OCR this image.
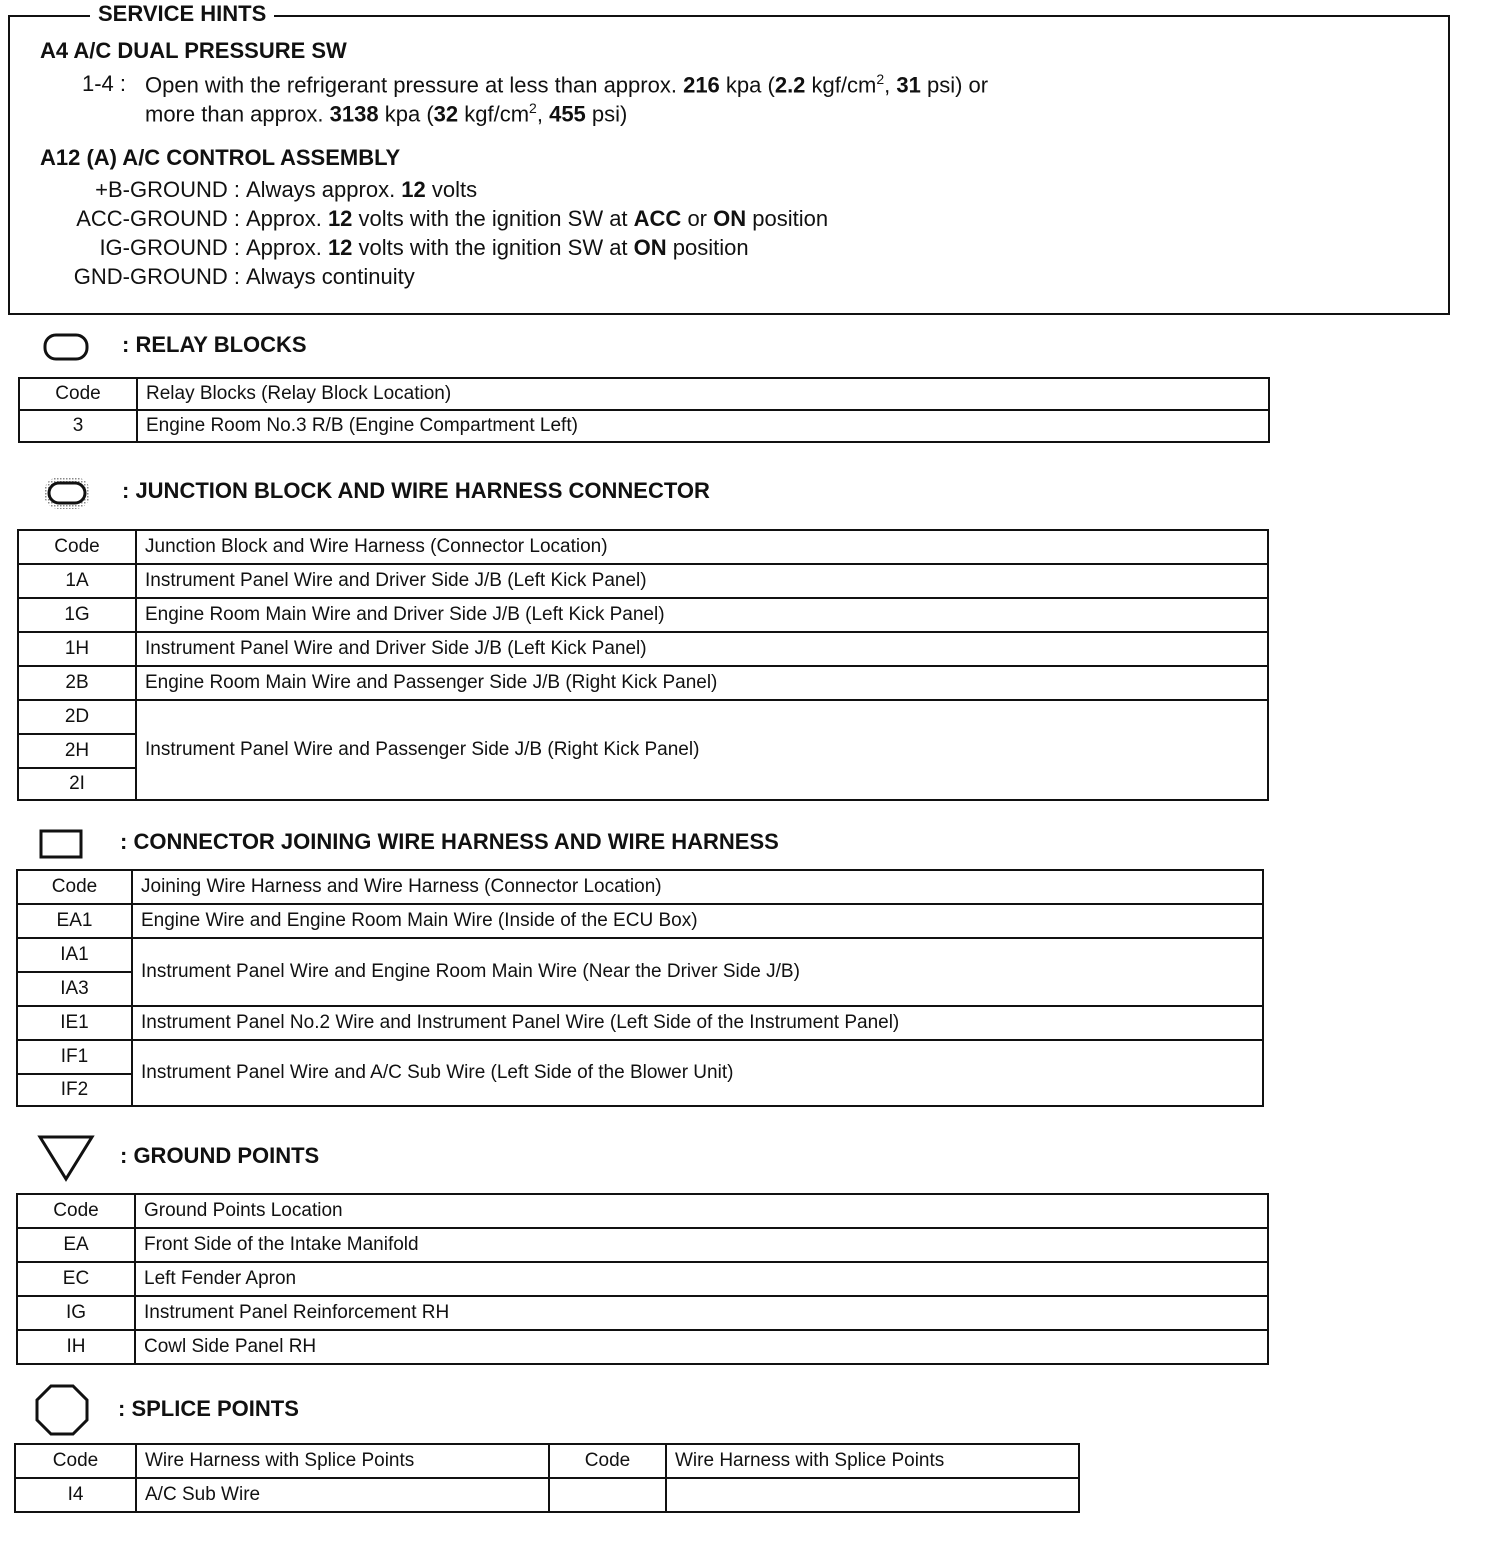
SERVICE HINTS
A4 A/C DUAL PRESSURE SW
1-4 : Open with the refrigerant pressure at less than approx. 216 kpa (2.2 kgf/$cm^2$, 31 psi) or
more than approx. 3138 kpa (32 kgf/$cm^2$, 455 psi)
A12 (A) A/C CONTROL ASSEMBLY
+B-GROUND : Always approx. 12 volts
ACC-GROUND : Approx. 12 volts with the ignition SW at ACC or ON position
IG-GROUND : Approx. 12 volts with the ignition SW at ON position
GND-GROUND : Always continuity
: RELAY BLOCKS
Code	Relay Blocks (Relay Block Location)
3	Engine Room No.3 R/B (Engine Compartment Left)
: JUNCTION BLOCK AND WIRE HARNESS CONNECTOR
Code	Junction Block and Wire Harness (Connector Location)
1A	Instrument Panel Wire and Driver Side J/B (Left Kick Panel)
1G	Engine Room Main Wire and Driver Side J/B (Left Kick Panel)
1H	Instrument Panel Wire and Driver Side J/B (Left Kick Panel)
2B	Engine Room Main Wire and Passenger Side J/B (Right Kick Panel)
2D	Instrument Panel Wire and Passenger Side J/B (Right Kick Panel)
2H	
2I	
: CONNECTOR JOINING WIRE HARNESS AND WIRE HARNESS
Code	Joining Wire Harness and Wire Harness (Connector Location)
EA1	Engine Wire and Engine Room Main Wire (Inside of the ECU Box)
IA1	Instrument Panel Wire and Engine Room Main Wire (Near the Driver Side J/B)
IA3	
IE1	Instrument Panel No.2 Wire and Instrument Panel Wire (Left Side of the Instrument Panel)
IF1	Instrument Panel Wire and A/C Sub Wire (Left Side of the Blower Unit)
IF2	
: GROUND POINTS
Code	Ground Points Location
EA	Front Side of the Intake Manifold
EC	Left Fender Apron
IG	Instrument Panel Reinforcement RH
IH	Cowl Side Panel RH
: SPLICE POINTS
Code	Wire Harness with Splice Points	Code	Wire Harness with Splice Points
I4	A/C Sub Wire		
